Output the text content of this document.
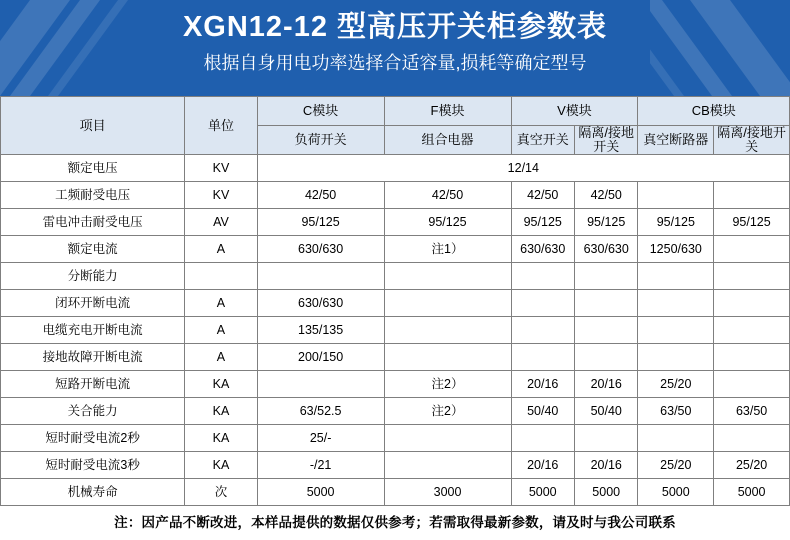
XGN12-12 型高压开关柜参数表
根据自身用电功率选择合适容量,损耗等确定型号
项目	单位	C模块	F模块	V模块		CB模块	
		负荷开关	组合电器	真空开关	隔离/接地开关	真空断路器	隔离/接地开关
额定电压	KV	12/14					
工频耐受电压	KV	42/50	42/50	42/50	42/50		
雷电冲击耐受电压	AV	95/125	95/125	95/125	95/125	95/125	95/125
额定电流	A	630/630	注1）	630/630	630/630	1250/630	
分断能力							
闭环开断电流	A	630/630					
电缆充电开断电流	A	135/135					
接地故障开断电流	A	200/150					
短路开断电流	KA		注2）	20/16	20/16	25/20	
关合能力	KA	63/52.5	注2）	50/40	50/40	63/50	63/50
短时耐受电流2秒	KA	25/-					
短时耐受电流3秒	KA	-/21		20/16	20/16	25/20	25/20
机械寿命	次	5000	3000	5000	5000	5000	5000
注：因产品不断改进，本样品提供的数据仅供参考；若需取得最新参数，请及时与我公司联系
